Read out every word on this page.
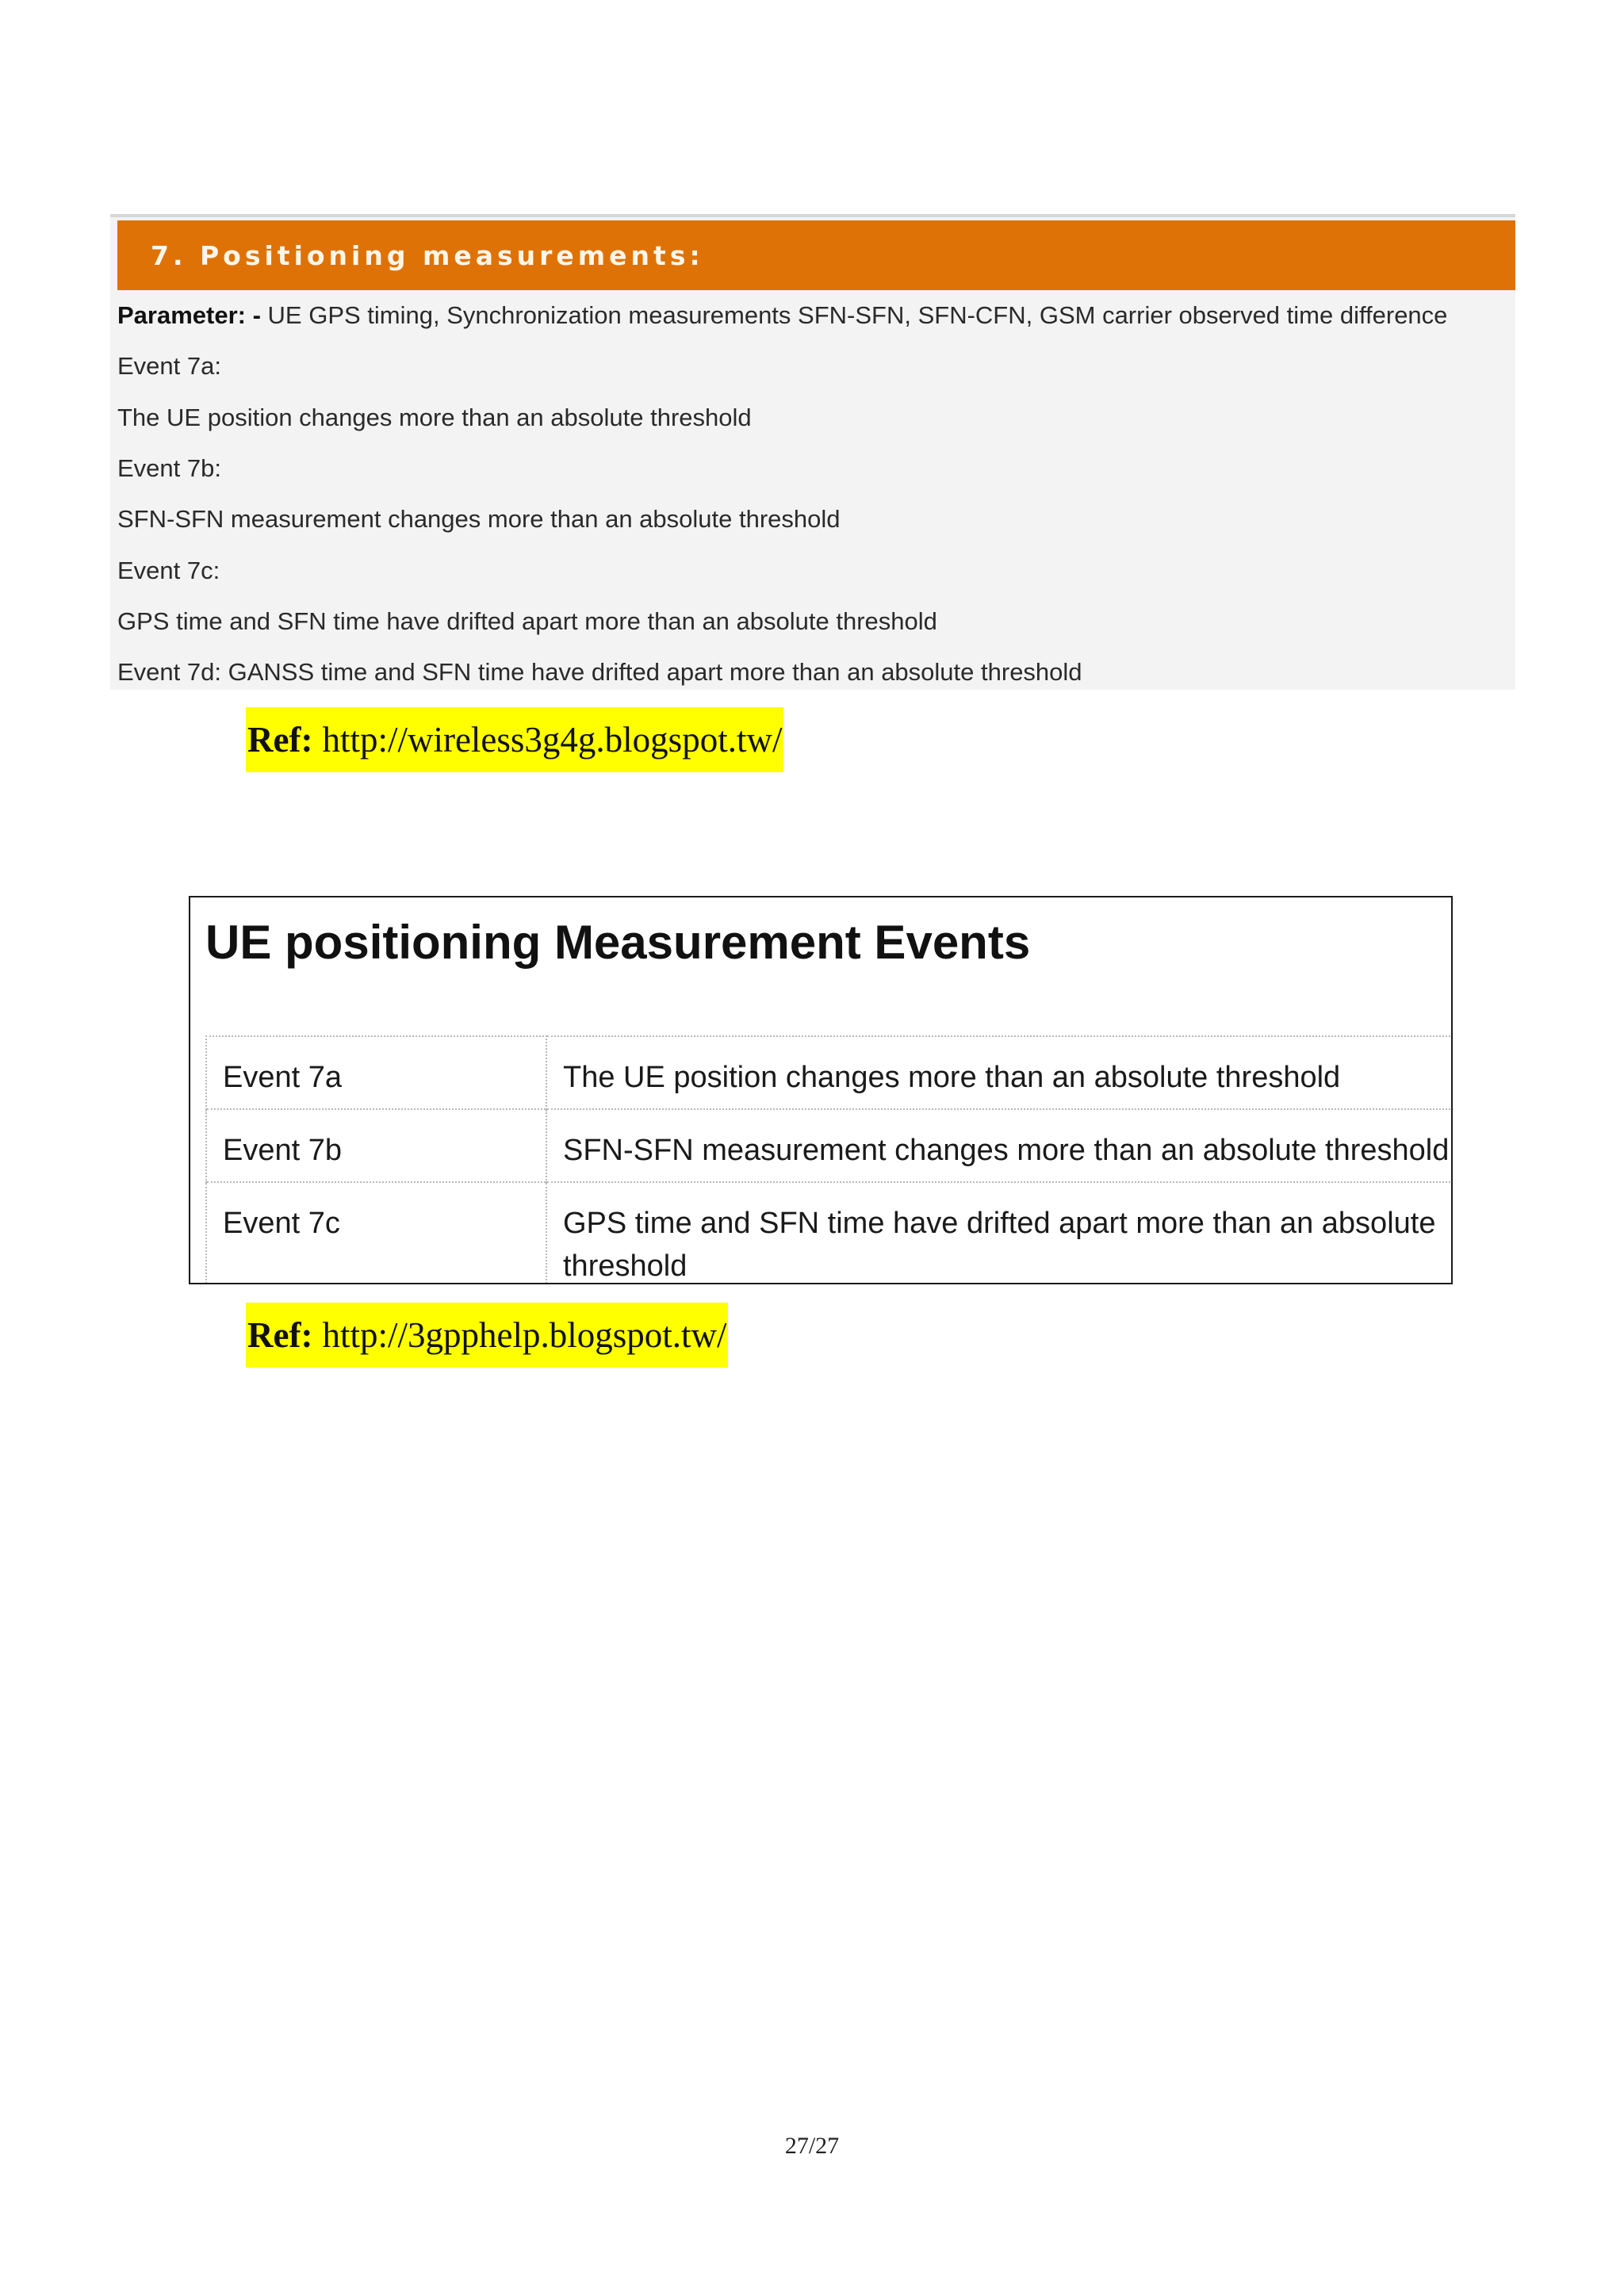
7. Positioning measurements:
Parameter: - UE GPS timing, Synchronization measurements SFN-SFN, SFN-CFN, GSM carrier observed time difference
Event 7a:
The UE position changes more than an absolute threshold
Event 7b:
SFN-SFN measurement changes more than an absolute threshold
Event 7c:
GPS time and SFN time have drifted apart more than an absolute threshold
Event 7d: GANSS time and SFN time have drifted apart more than an absolute threshold
Ref: http://wireless3g4g.blogspot.tw/
UE positioning Measurement Events
Event 7a	The UE position changes more than an absolute threshold
Event 7b	SFN-SFN measurement changes more than an absolute threshold
Event 7c	GPS time and SFN time have drifted apart more than an absolute threshold
Ref: http://3gpphelp.blogspot.tw/
27/27
